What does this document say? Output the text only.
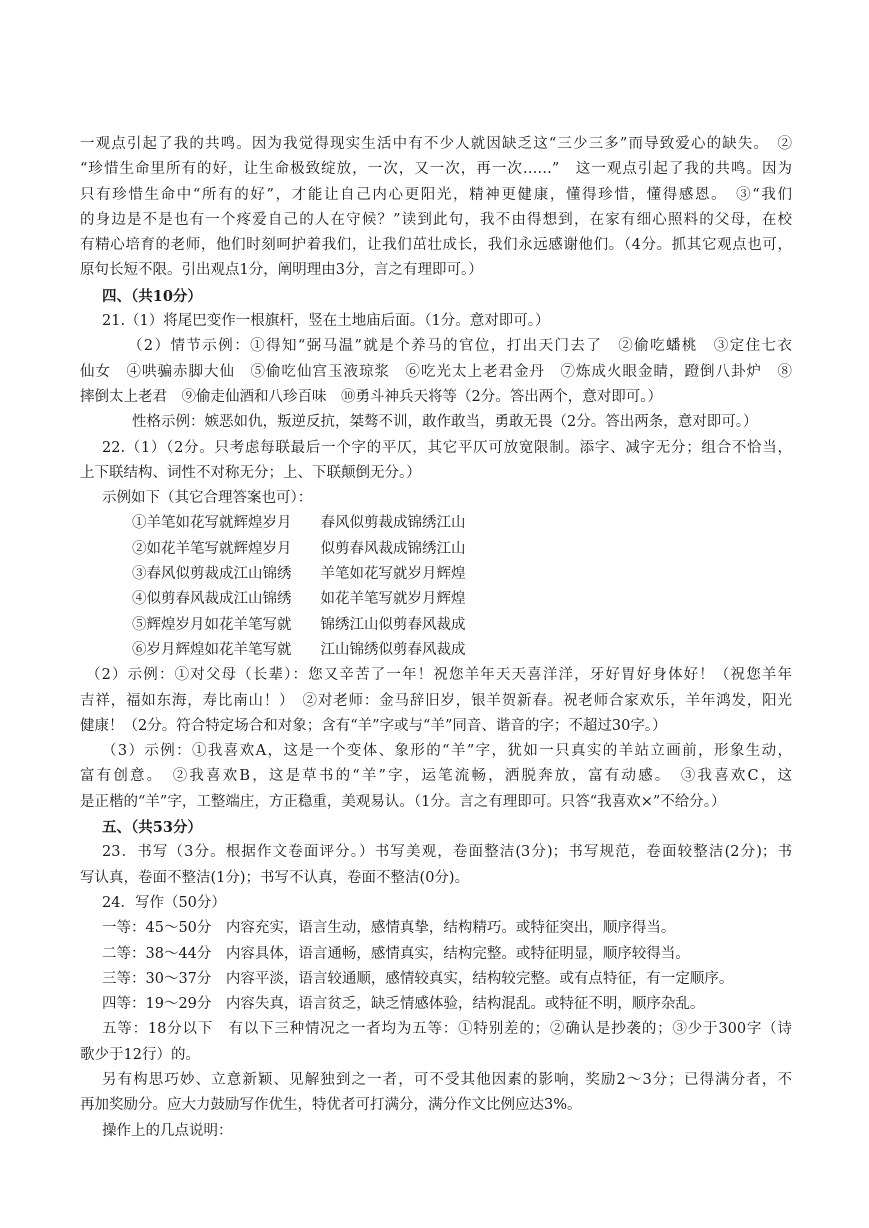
一观点引起了我的共鸣。因为我觉得现实生活中有不少人就因缺乏这“三少三多”而导致爱心的缺失。　②
“珍惜生命里所有的好，让生命极致绽放，一次，又一次，再一次……”　这一观点引起了我的共鸣。因为
只有珍惜生命中“所有的好”，才能让自己内心更阳光，精神更健康，懂得珍惜，懂得感恩。　③“我们
的身边是不是也有一个疼爱自己的人在守候？”读到此句，我不由得想到，在家有细心照料的父母，在校
有精心培育的老师，他们时刻呵护着我们，让我们茁壮成长，我们永远感谢他们。（4分。抓其它观点也可，
原句长短不限。引出观点1分，阐明理由3分，言之有理即可。）
四、（共10分）
21.（1）将尾巴变作一根旗杆，竖在土地庙后面。（1分。意对即可。）
（2）情节示例：①得知“弼马温”就是个养马的官位，打出天门去了　②偷吃蟠桃　③定住七衣
仙女　④哄骗赤脚大仙　⑤偷吃仙宫玉液琼浆　⑥吃光太上老君金丹　⑦炼成火眼金睛，蹬倒八卦炉　⑧
摔倒太上老君　⑨偷走仙酒和八珍百味　⑩勇斗神兵天将等（2分。答出两个，意对即可。）
性格示例：嫉恶如仇，叛逆反抗，桀骜不训，敢作敢当，勇敢无畏（2分。答出两条，意对即可。）
22.（1）（2分。只考虑每联最后一个字的平仄，其它平仄可放宽限制。添字、减字无分；组合不恰当，
上下联结构、词性不对称无分；上、下联颠倒无分。）
示例如下（其它合理答案也可）：
①羊笔如花写就辉煌岁月　　春风似剪裁成锦绣江山
②如花羊笔写就辉煌岁月　　似剪春风裁成锦绣江山
③春风似剪裁成江山锦绣　　羊笔如花写就岁月辉煌
④似剪春风裁成江山锦绣　　如花羊笔写就岁月辉煌
⑤辉煌岁月如花羊笔写就　　锦绣江山似剪春风裁成
⑥岁月辉煌如花羊笔写就　　江山锦绣似剪春风裁成
（2）示例：①对父母（长辈）：您又辛苦了一年！祝您羊年天天喜洋洋，牙好胃好身体好！（祝您羊年
吉祥，福如东海，寿比南山！）　②对老师：金马辞旧岁，银羊贺新春。祝老师合家欢乐，羊年鸿发，阳光
健康！（2分。符合特定场合和对象；含有“羊”字或与“羊”同音、谐音的字；不超过30字。）
（3）示例：①我喜欢A，这是一个变体、象形的“羊”字，犹如一只真实的羊站立画前，形象生动，
富有创意。　②我喜欢B，这是草书的“羊”字，运笔流畅，洒脱奔放，富有动感。　③我喜欢C，这
是正楷的“羊”字，工整端庄，方正稳重，美观易认。（1分。言之有理即可。只答“我喜欢×”不给分。）
五、（共53分）
23．书写（3分。根据作文卷面评分。）书写美观，卷面整洁(3分)；书写规范，卷面较整洁(2分)；书
写认真，卷面不整洁(1分)；书写不认真，卷面不整洁(0分)。
24．写作（50分）
一等：45～50分　内容充实，语言生动，感情真挚，结构精巧。或特征突出，顺序得当。
二等：38～44分　内容具体，语言通畅，感情真实，结构完整。或特征明显，顺序较得当。
三等：30～37分　内容平淡，语言较通顺，感情较真实，结构较完整。或有点特征，有一定顺序。
四等：19～29分　内容失真，语言贫乏，缺乏情感体验，结构混乱。或特征不明，顺序杂乱。
五等：18分以下　有以下三种情况之一者均为五等：①特别差的；②确认是抄袭的；③少于300字（诗
歌少于12行）的。
另有构思巧妙、立意新颖、见解独到之一者，可不受其他因素的影响，奖励2～3分；已得满分者，不
再加奖励分。应大力鼓励写作优生，特优者可打满分，满分作文比例应达3%。
操作上的几点说明：
